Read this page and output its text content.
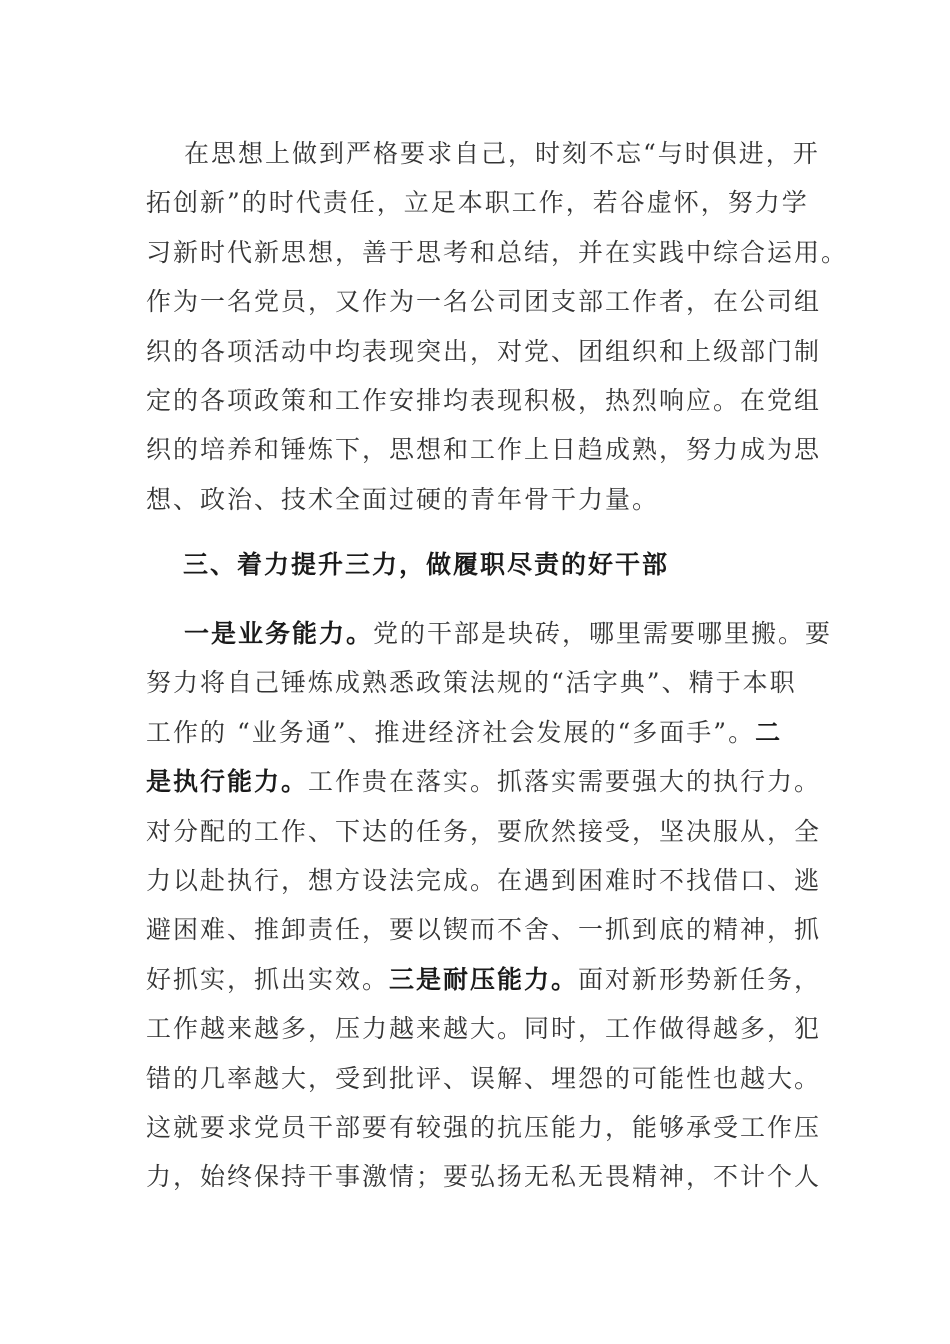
在思想上做到严格要求自己，时刻不忘“与时俱进，开
拓创新”的时代责任，立足本职工作，若谷虚怀，努力学
习新时代新思想，善于思考和总结，并在实践中综合运用。
作为一名党员，又作为一名公司团支部工作者，在公司组
织的各项活动中均表现突出，对党、团组织和上级部门制
定的各项政策和工作安排均表现积极，热烈响应。在党组
织的培养和锤炼下，思想和工作上日趋成熟，努力成为思
想、政治、技术全面过硬的青年骨干力量。
三、着力提升三力，做履职尽责的好干部
一是业务能力。党的干部是块砖，哪里需要哪里搬。要
努力将自己锤炼成熟悉政策法规的“活字典”、精于本职
工作的 “业务通”、推进经济社会发展的“多面手”。二
是执行能力。工作贵在落实。抓落实需要强大的执行力。
对分配的工作、下达的任务，要欣然接受，坚决服从，全
力以赴执行，想方设法完成。在遇到困难时不找借口、逃
避困难、推卸责任，要以锲而不舍、一抓到底的精神，抓
好抓实，抓出实效。三是耐压能力。面对新形势新任务，
工作越来越多，压力越来越大。同时，工作做得越多，犯
错的几率越大，受到批评、误解、埋怨的可能性也越大。
这就要求党员干部要有较强的抗压能力，能够承受工作压
力，始终保持干事激情；要弘扬无私无畏精神，不计个人
